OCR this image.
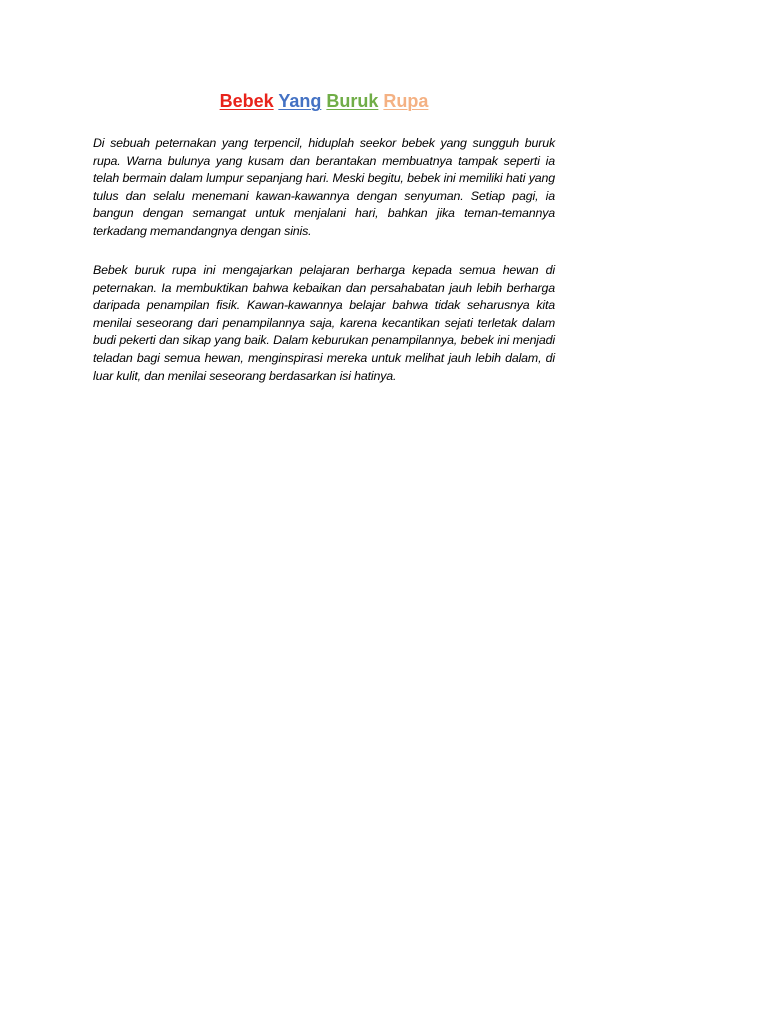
Bebek Yang Buruk Rupa

Di sebuah peternakan yang terpencil, hiduplah seekor bebek yang sungguh buruk rupa. Warna bulunya yang kusam dan berantakan membuatnya tampak seperti ia telah bermain dalam lumpur sepanjang hari. Meski begitu, bebek ini memiliki hati yang tulus dan selalu menemani kawan-kawannya dengan senyuman. Setiap pagi, ia bangun dengan semangat untuk menjalani hari, bahkan jika teman-temannya terkadang memandangnya dengan sinis.

Bebek buruk rupa ini mengajarkan pelajaran berharga kepada semua hewan di peternakan. Ia membuktikan bahwa kebaikan dan persahabatan jauh lebih berharga daripada penampilan fisik. Kawan-kawannya belajar bahwa tidak seharusnya kita menilai seseorang dari penampilannya saja, karena kecantikan sejati terletak dalam budi pekerti dan sikap yang baik. Dalam keburukan penampilannya, bebek ini menjadi teladan bagi semua hewan, menginspirasi mereka untuk melihat jauh lebih dalam, di luar kulit, dan menilai seseorang berdasarkan isi hatinya.
